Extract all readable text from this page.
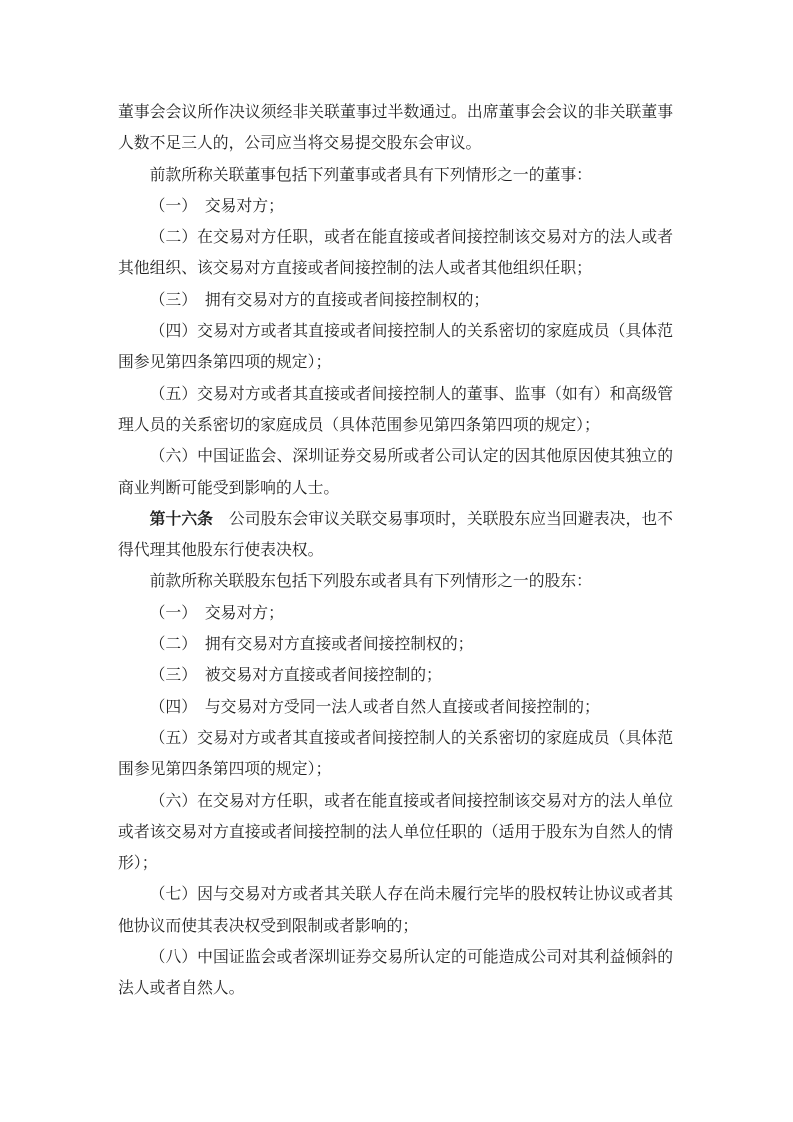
董事会会议所作决议须经非关联董事过半数通过。出席董事会会议的非关联董事人数不足三人的，公司应当将交易提交股东会审议。

前款所称关联董事包括下列董事或者具有下列情形之一的董事：

（一） 交易对方；

（二）在交易对方任职，或者在能直接或者间接控制该交易对方的法人或者其他组织、该交易对方直接或者间接控制的法人或者其他组织任职；

（三） 拥有交易对方的直接或者间接控制权的；

（四）交易对方或者其直接或者间接控制人的关系密切的家庭成员（具体范围参见第四条第四项的规定）；

（五）交易对方或者其直接或者间接控制人的董事、监事（如有）和高级管理人员的关系密切的家庭成员（具体范围参见第四条第四项的规定）；

（六）中国证监会、深圳证券交易所或者公司认定的因其他原因使其独立的商业判断可能受到影响的人士。

第十六条 公司股东会审议关联交易事项时，关联股东应当回避表决，也不得代理其他股东行使表决权。

前款所称关联股东包括下列股东或者具有下列情形之一的股东：

（一） 交易对方；

（二） 拥有交易对方直接或者间接控制权的；

（三） 被交易对方直接或者间接控制的；

（四） 与交易对方受同一法人或者自然人直接或者间接控制的；

（五）交易对方或者其直接或者间接控制人的关系密切的家庭成员（具体范围参见第四条第四项的规定）；

（六）在交易对方任职，或者在能直接或者间接控制该交易对方的法人单位或者该交易对方直接或者间接控制的法人单位任职的（适用于股东为自然人的情形）；

（七）因与交易对方或者其关联人存在尚未履行完毕的股权转让协议或者其他协议而使其表决权受到限制或者影响的；

（八）中国证监会或者深圳证券交易所认定的可能造成公司对其利益倾斜的法人或者自然人。
